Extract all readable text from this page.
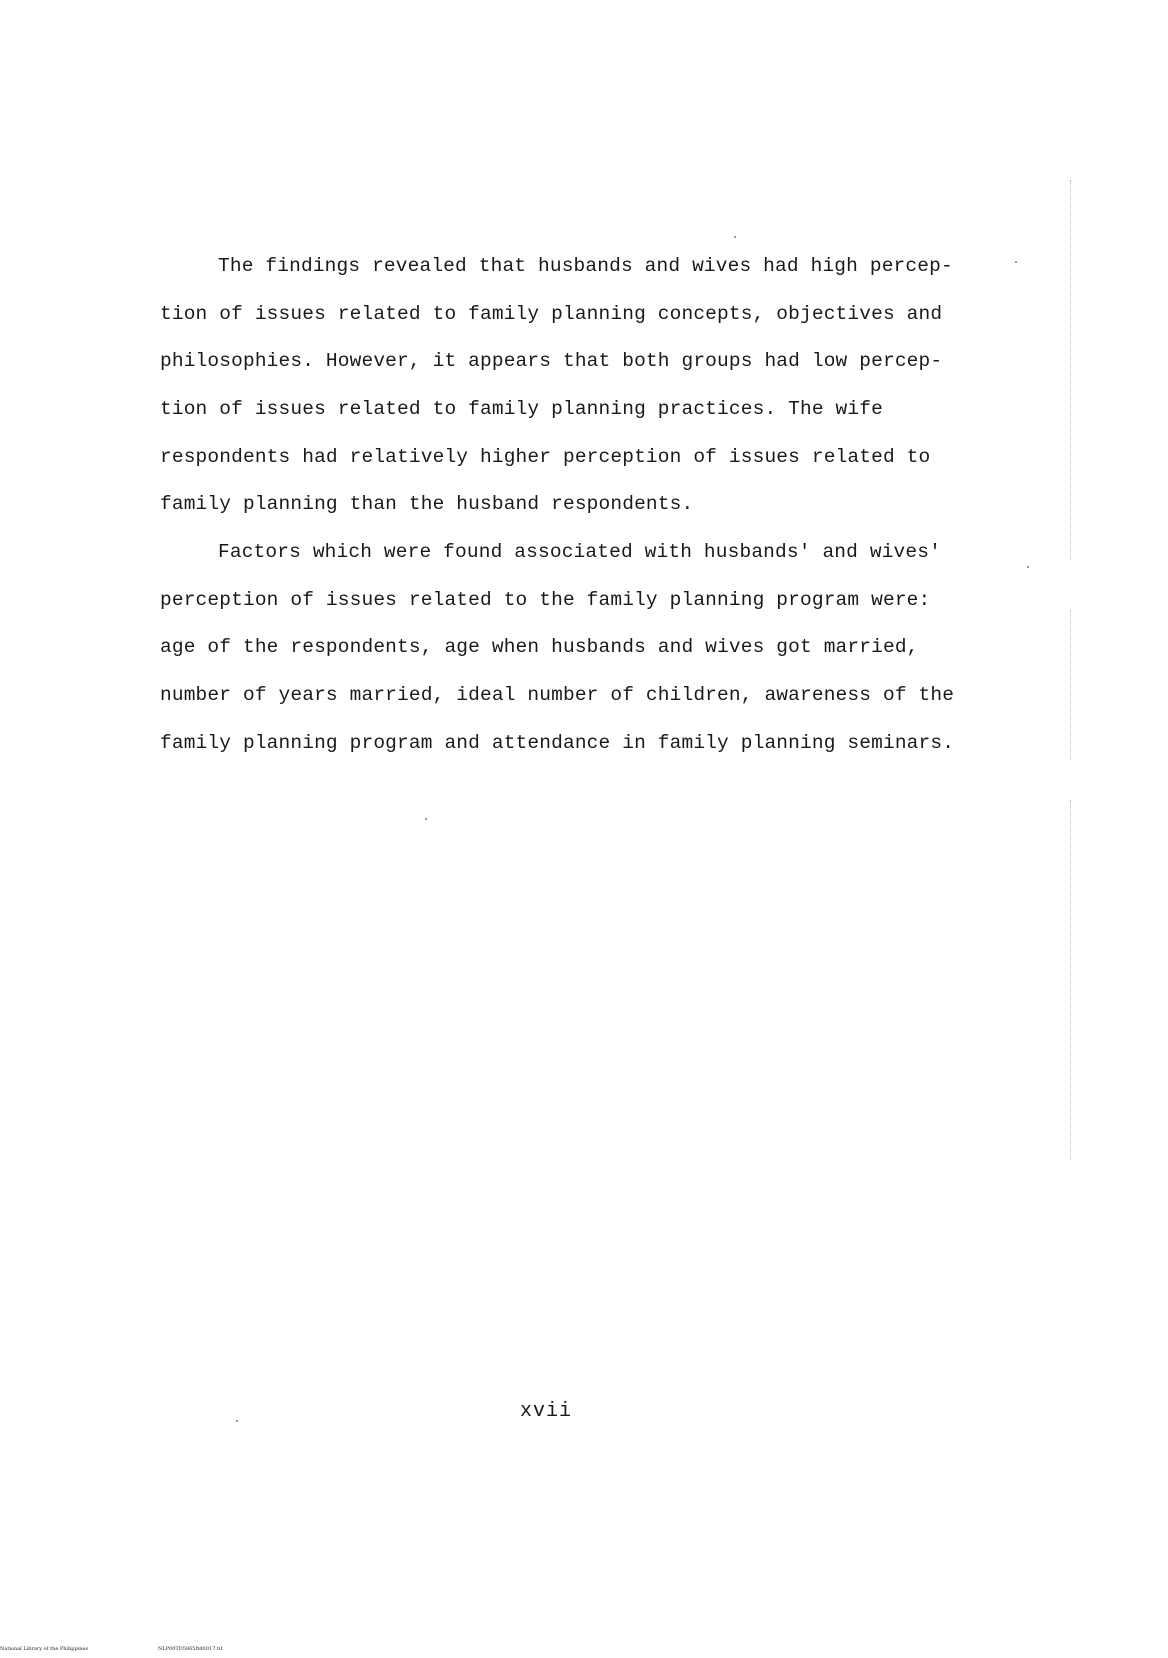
The findings revealed that husbands and wives had high percep-
tion of issues related to family planning concepts, objectives and
philosophies. However, it appears that both groups had low percep-
tion of issues related to family planning practices. The wife
respondents had relatively higher perception of issues related to
family planning than the husband respondents.
Factors which were found associated with husbands' and wives'
perception of issues related to the family planning program were:
age of the respondents, age when husbands and wives got married,
number of years married, ideal number of children, awareness of the
family planning program and attendance in family planning seminars.
xvii
National Library of the Philippines	NLP00TD5865ftd0017.tif
